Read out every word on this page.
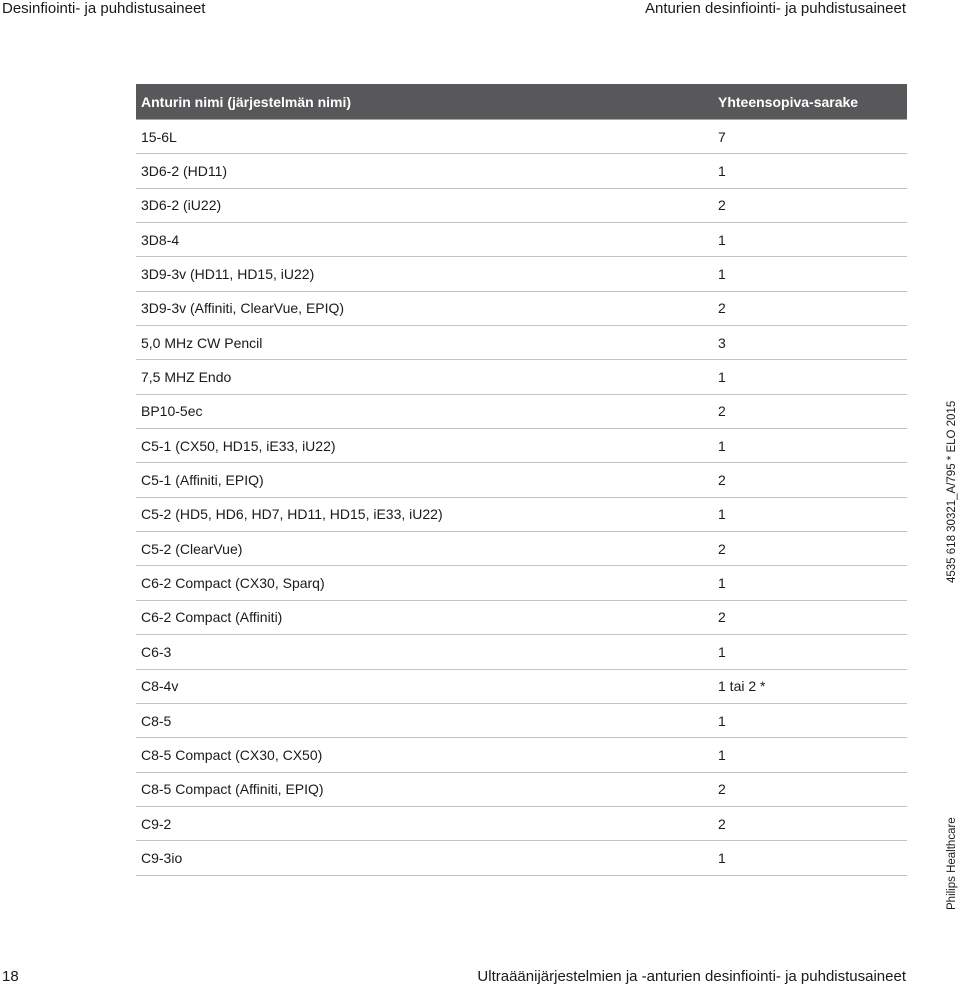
Desinfiointi- ja puhdistusaineet	Anturien desinfiointi- ja puhdistusaineet
Anturin nimi (järjestelmän nimi)	Yhteensopiva-sarake
15-6L	7
3D6-2 (HD11)	1
3D6-2 (iU22)	2
3D8-4	1
3D9-3v (HD11, HD15, iU22)	1
3D9-3v (Affiniti, ClearVue, EPIQ)	2
5,0 MHz CW Pencil	3
7,5 MHZ Endo	1
BP10-5ec	2
C5-1 (CX50, HD15, iE33, iU22)	1
C5-1 (Affiniti, EPIQ)	2
C5-2 (HD5, HD6, HD7, HD11, HD15, iE33, iU22)	1
C5-2 (ClearVue)	2
C6-2 Compact (CX30, Sparq)	1
C6-2 Compact (Affiniti)	2
C6-3	1
C8-4v	1 tai 2 *
C8-5	1
C8-5 Compact (CX30, CX50)	1
C8-5 Compact (Affiniti, EPIQ)	2
C9-2	2
C9-3io	1
4535 618 30321_A/795 * ELO 2015
Philips Healthcare
18	Ultraäänijärjestelmien ja -anturien desinfiointi- ja puhdistusaineet
